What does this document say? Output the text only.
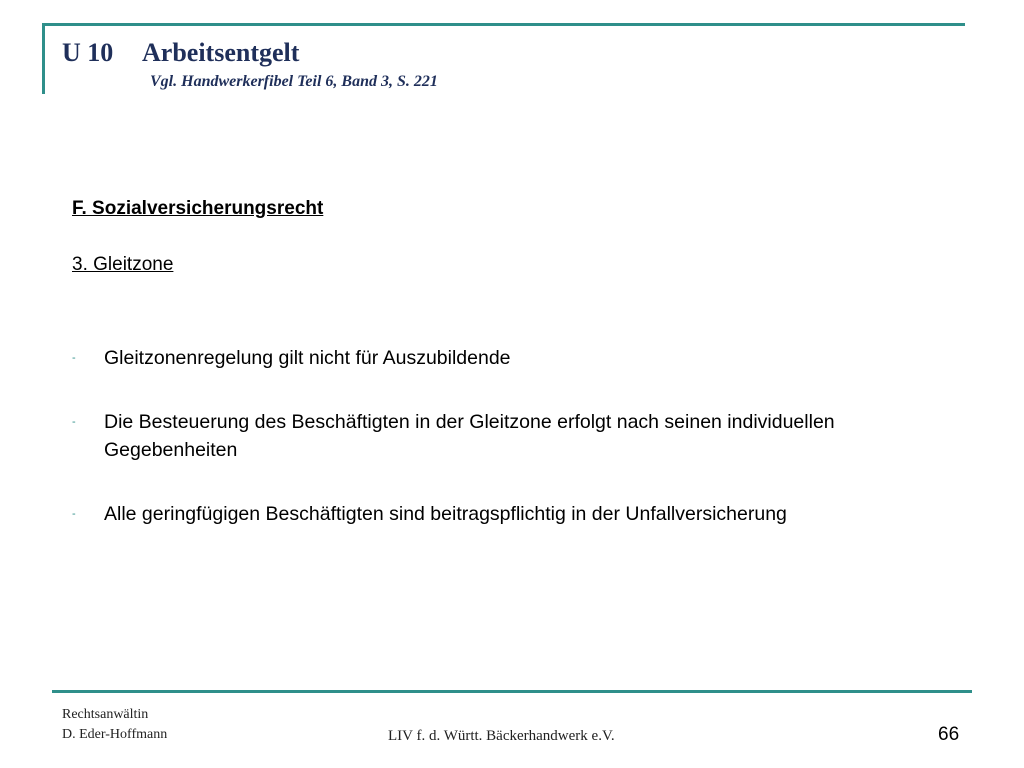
U 10 Arbeitsentgelt
Vgl. Handwerkerfibel Teil 6, Band 3, S. 221
F. Sozialversicherungsrecht
3. Gleitzone
- Gleitzonenregelung gilt nicht für Auszubildende
- Die Besteuerung des Beschäftigten in der Gleitzone erfolgt nach seinen individuellen Gegebenheiten
- Alle geringfügigen Beschäftigten sind beitragspflichtig in der Unfallversicherung
Rechtsanwältin
D. Eder-Hoffmann	LIV f. d. Württ. Bäckerhandwerk e.V.	66
